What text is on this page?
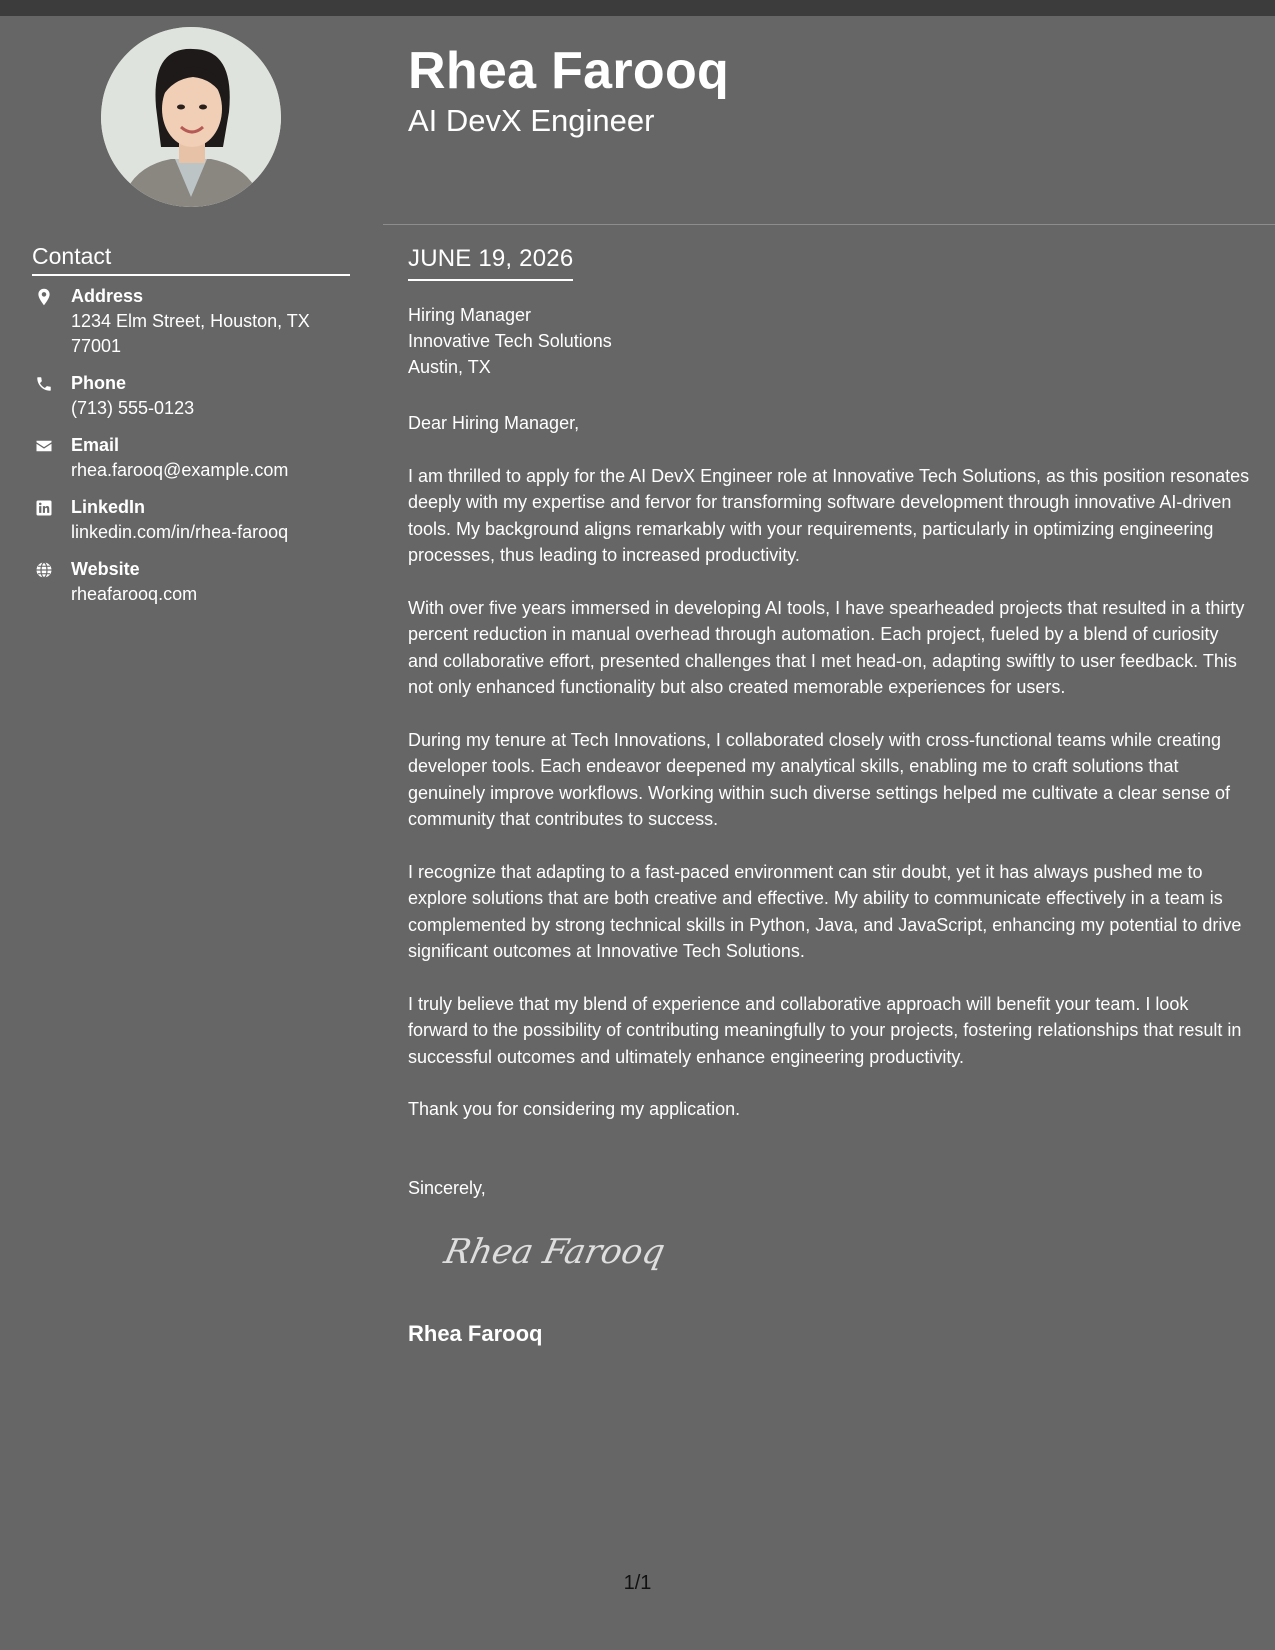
Contact
Address
1234 Elm Street, Houston, TX 77001
Phone
(713) 555-0123
Email
rhea.farooq@example.com
LinkedIn
linkedin.com/in/rhea-farooq
Website
rheafarooq.com
Rhea Farooq
AI DevX Engineer
JUNE 19, 2026
Hiring Manager
Innovative Tech Solutions
Austin, TX

Dear Hiring Manager,

I am thrilled to apply for the AI DevX Engineer role at Innovative Tech Solutions, as this position resonates deeply with my expertise and fervor for transforming software development through innovative AI-driven tools. My background aligns remarkably with your requirements, particularly in optimizing engineering processes, thus leading to increased productivity.

With over five years immersed in developing AI tools, I have spearheaded projects that resulted in a thirty percent reduction in manual overhead through automation. Each project, fueled by a blend of curiosity and collaborative effort, presented challenges that I met head-on, adapting swiftly to user feedback. This not only enhanced functionality but also created memorable experiences for users.

During my tenure at Tech Innovations, I collaborated closely with cross-functional teams while creating developer tools. Each endeavor deepened my analytical skills, enabling me to craft solutions that genuinely improve workflows. Working within such diverse settings helped me cultivate a clear sense of community that contributes to success.

I recognize that adapting to a fast-paced environment can stir doubt, yet it has always pushed me to explore solutions that are both creative and effective. My ability to communicate effectively in a team is complemented by strong technical skills in Python, Java, and JavaScript, enhancing my potential to drive significant outcomes at Innovative Tech Solutions.

I truly believe that my blend of experience and collaborative approach will benefit your team. I look forward to the possibility of contributing meaningfully to your projects, fostering relationships that result in successful outcomes and ultimately enhance engineering productivity.

Thank you for considering my application.

Sincerely,
Rhea Farooq
Rhea Farooq
1/1
